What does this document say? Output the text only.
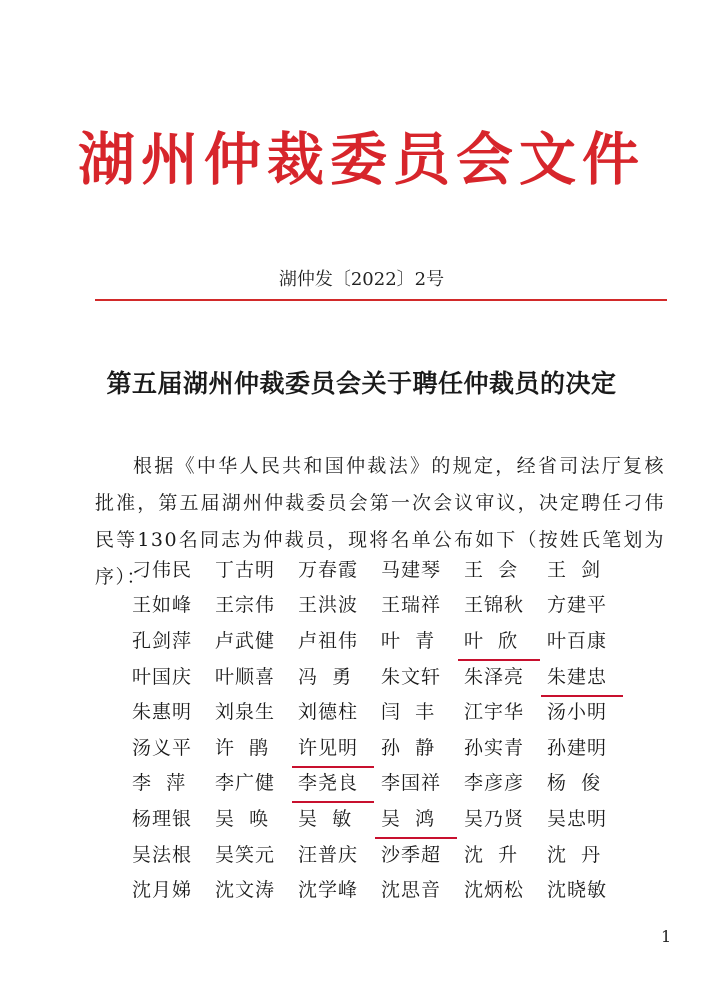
湖州仲裁委员会文件
湖仲发〔2022〕2号
第五届湖州仲裁委员会关于聘任仲裁员的决定
根据《中华人民共和国仲裁法》的规定，经省司法厅复核批准，第五届湖州仲裁委员会第一次会议审议，决定聘任刁伟民等130名同志为仲裁员，现将名单公布如下（按姓氏笔划为序）：
刁伟民	丁古明	万春霞	马建琴	王  会	王  剑
王如峰	王宗伟	王洪波	王瑞祥	王锦秋	方建平
孔剑萍	卢武健	卢祖伟	叶  青	叶  欣	叶百康
叶国庆	叶顺喜	冯  勇	朱文轩	朱泽亮	朱建忠
朱惠明	刘泉生	刘德柱	闫  丰	江宇华	汤小明
汤义平	许  鹃	许见明	孙  静	孙实青	孙建明
李  萍	李广健	李尧良	李国祥	李彦彦	杨  俊
杨理银	吴  唤	吴  敏	吴  鸿	吴乃贤	吴忠明
吴法根	吴笑元	汪普庆	沙季超	沈  升	沈  丹
沈月娣	沈文涛	沈学峰	沈思音	沈炳松	沈晓敏
1
